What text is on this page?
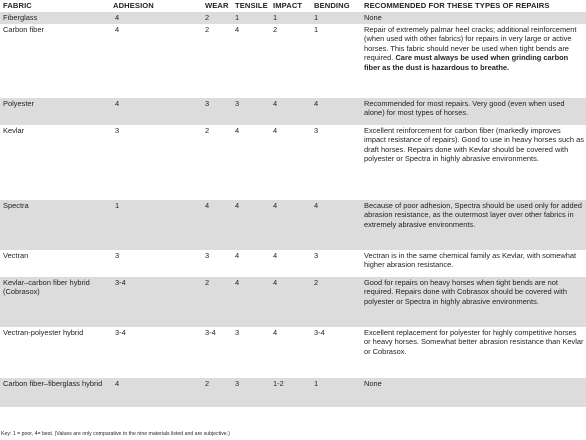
FABRIC	ADHESION	WEAR	TENSILE	IMPACT	BENDING	RECOMMENDED FOR THESE TYPES OF REPAIRS
Fiberglass	4	2	1	1	1	None
Carbon fiber	4	2	4	2	1	Repair of extremely palmar heel cracks; additional reinforcement (when used with other fabrics) for repairs in very large or active horses. This fabric should never be used when tight bends are required. Care must always be used when grinding carbon fiber as the dust is hazardous to breathe.
Polyester	4	3	3	4	4	Recommended for most repairs. Very good (even when used alone) for most types of horses.
Kevlar	3	2	4	4	3	Excellent reinforcement for carbon fiber (markedly improves impact resistance of repairs). Good to use in heavy horses such as draft horses. Repairs done with Kevlar should be covered with polyester or Spectra in highly abrasive environments.
Spectra	1	4	4	4	4	Because of poor adhesion, Spectra should be used only for added abrasion resistance, as the outermost layer over other fabrics in extremely abrasive environments.
Vectran	3	3	4	4	3	Vectran is in the same chemical family as Kevlar, with somewhat higher abrasion resistance.
Kevlar–carbon fiber hybrid (Cobrasox)	3-4	2	4	4	2	Good for repairs on heavy horses when tight bends are not required. Repairs done with Cobrasox should be covered with polyester or Spectra in highly abrasive environments.
Vectran-polyester hybrid	3-4	3-4	3	4	3-4	Excellent replacement for polyester for highly competitive horses or heavy horses. Somewhat better abrasion resistance than Kevlar or Cobrasox.
Carbon fiber–fiberglass hybrid	4	2	3	1-2	1	None
Key: 1 = poor, 4= best. (Values are only comparative to the nine materials listed and are subjective.)
